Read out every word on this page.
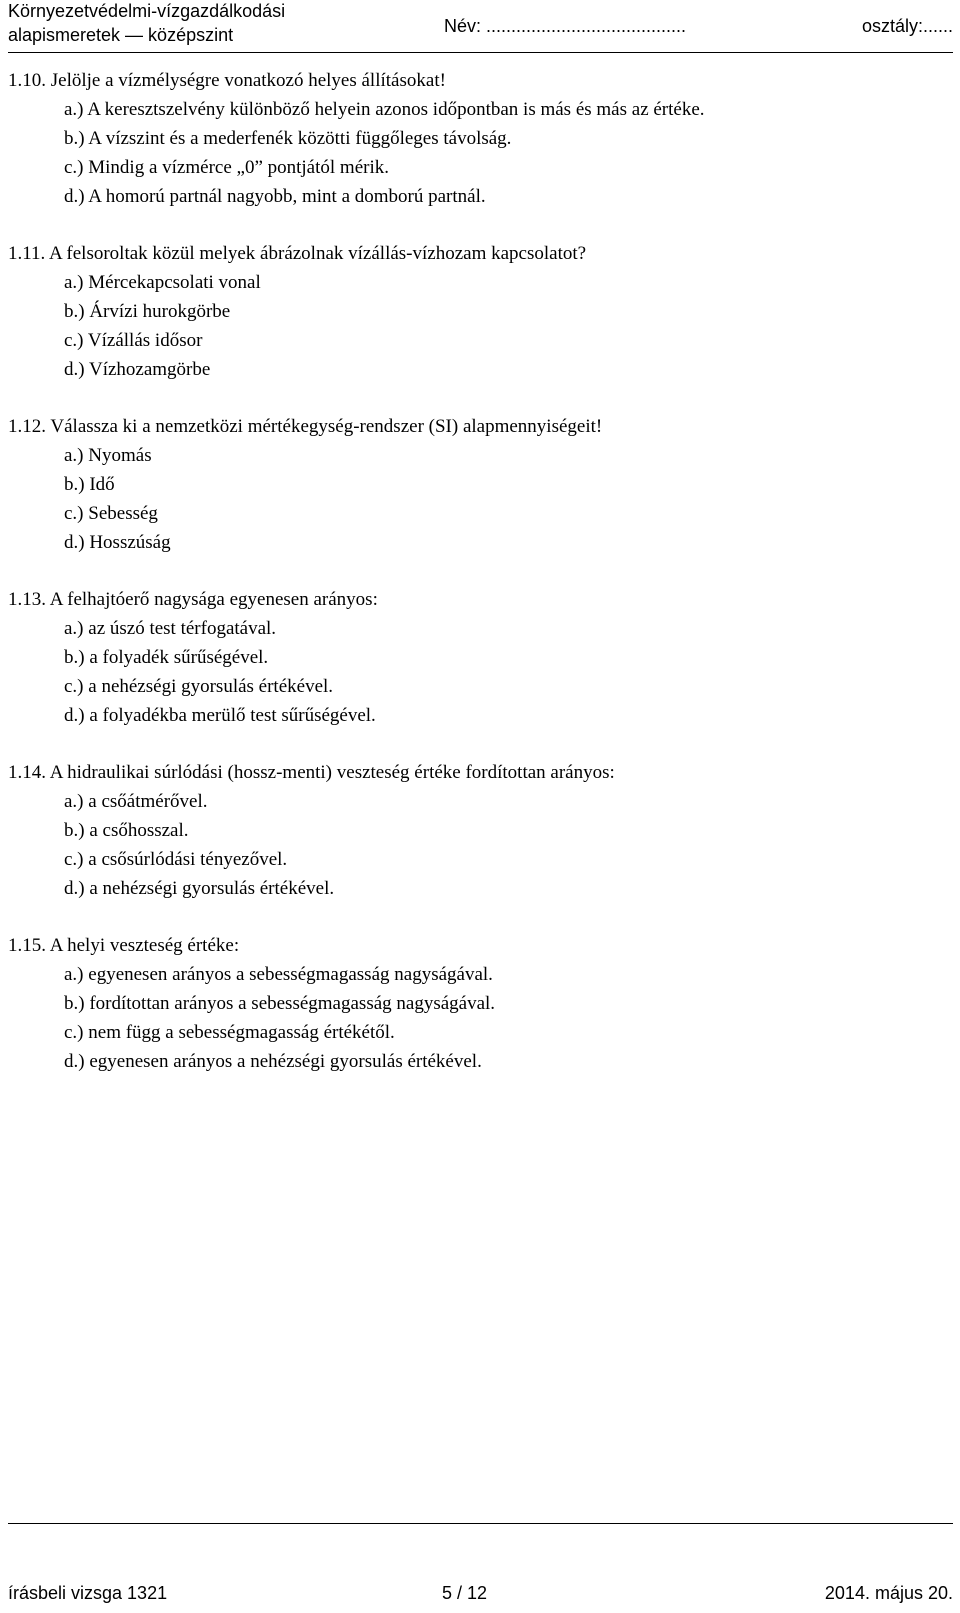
Környezetvédelmi-vízgazdálkodási
alapismeretek — középszint	Név: ........................................	osztály:......
1.10. Jelölje a vízmélységre vonatkozó helyes állításokat!
a.) A keresztszelvény különböző helyein azonos időpontban is más és más az értéke.
b.) A vízszint és a mederfenék közötti függőleges távolság.
c.) Mindig a vízmérce „0” pontjától mérik.
d.) A homorú partnál nagyobb, mint a domború partnál.
1.11. A felsoroltak közül melyek ábrázolnak vízállás-vízhozam kapcsolatot?
a.) Mércekapcsolati vonal
b.) Árvízi hurokgörbe
c.) Vízállás idősor
d.) Vízhozamgörbe
1.12. Válassza ki a nemzetközi mértékegység-rendszer (SI) alapmennyiségeit!
a.) Nyomás
b.) Idő
c.) Sebesség
d.) Hosszúság
1.13. A felhajtóerő nagysága egyenesen arányos:
a.) az úszó test térfogatával.
b.) a folyadék sűrűségével.
c.) a nehézségi gyorsulás értékével.
d.) a folyadékba merülő test sűrűségével.
1.14. A hidraulikai súrlódási (hossz-menti) veszteség értéke fordítottan arányos:
a.) a csőátmérővel.
b.) a csőhosszal.
c.) a csősúrlódási tényezővel.
d.) a nehézségi gyorsulás értékével.
1.15. A helyi veszteség értéke:
a.) egyenesen arányos a sebességmagasság nagyságával.
b.) fordítottan arányos a sebességmagasság nagyságával.
c.) nem függ a sebességmagasság értékétől.
d.) egyenesen arányos a nehézségi gyorsulás értékével.
írásbeli vizsga 1321	5 / 12	2014. május 20.
